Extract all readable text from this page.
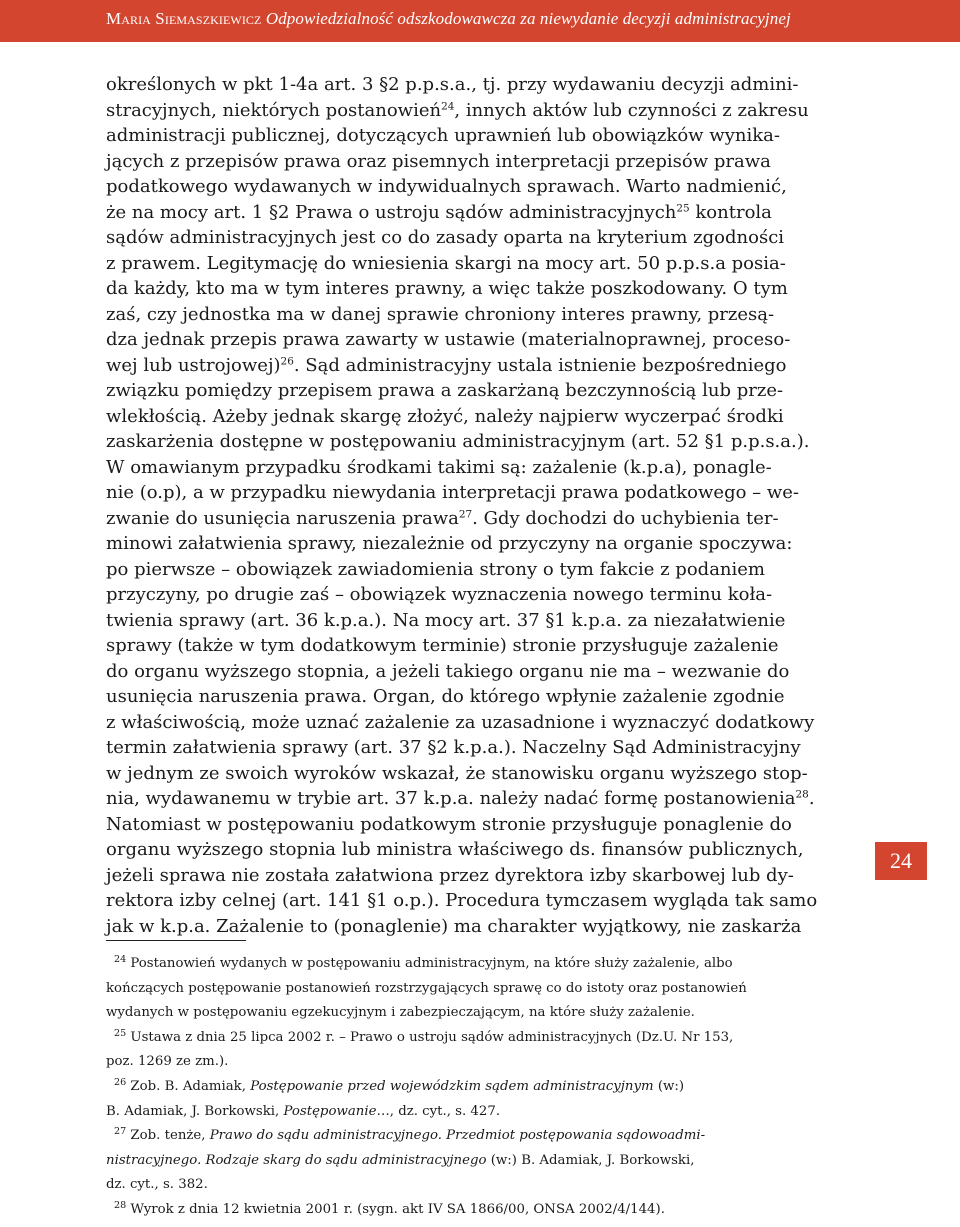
Maria Siemaszkiewicz Odpowiedzialność odszkodowawcza za niewydanie decyzji administracyjnej
określonych w pkt 1-4a art. 3 §2 p.p.s.a., tj. przy wydawaniu decyzji admini-
stracyjnych, niektórych postanowień$^{24}$, innych aktów lub czynności z zakresu
administracji publicznej, dotyczących uprawnień lub obowiązków wynika-
jących z przepisów prawa oraz pisemnych interpretacji przepisów prawa
podatkowego wydawanych w indywidualnych sprawach. Warto nadmienić,
że na mocy art. 1 §2 Prawa o ustroju sądów administracyjnych$^{25}$ kontrola
sądów administracyjnych jest co do zasady oparta na kryterium zgodności
z prawem. Legitymację do wniesienia skargi na mocy art. 50 p.p.s.a posia-
da każdy, kto ma w tym interes prawny, a więc także poszkodowany. O tym
zaś, czy jednostka ma w danej sprawie chroniony interes prawny, przesą-
dza jednak przepis prawa zawarty w ustawie (materialnoprawnej, proceso-
wej lub ustrojowej)$^{26}$. Sąd administracyjny ustala istnienie bezpośredniego
związku pomiędzy przepisem prawa a zaskarżaną bezczynnością lub prze-
wlekłością. Ażeby jednak skargę złożyć, należy najpierw wyczerpać środki
zaskarżenia dostępne w postępowaniu administracyjnym (art. 52 §1 p.p.s.a.).
W omawianym przypadku środkami takimi są: zażalenie (k.p.a), ponagle-
nie (o.p), a w przypadku niewydania interpretacji prawa podatkowego – we-
zwanie do usunięcia naruszenia prawa$^{27}$. Gdy dochodzi do uchybienia ter-
minowi załatwienia sprawy, niezależnie od przyczyny na organie spoczywa:
po pierwsze – obowiązek zawiadomienia strony o tym fakcie z podaniem
przyczyny, po drugie zaś – obowiązek wyznaczenia nowego terminu koła-
twienia sprawy (art. 36 k.p.a.). Na mocy art. 37 §1 k.p.a. za niezałatwienie
sprawy (także w tym dodatkowym terminie) stronie przysługuje zażalenie
do organu wyższego stopnia, a jeżeli takiego organu nie ma – wezwanie do
usunięcia naruszenia prawa. Organ, do którego wpłynie zażalenie zgodnie
z właściwością, może uznać zażalenie za uzasadnione i wyznaczyć dodatkowy
termin załatwienia sprawy (art. 37 §2 k.p.a.). Naczelny Sąd Administracyjny
w jednym ze swoich wyroków wskazał, że stanowisku organu wyższego stop-
nia, wydawanemu w trybie art. 37 k.p.a. należy nadać formę postanowienia$^{28}$.
Natomiast w postępowaniu podatkowym stronie przysługuje ponaglenie do
organu wyższego stopnia lub ministra właściwego ds. finansów publicznych,
jeżeli sprawa nie została załatwiona przez dyrektora izby skarbowej lub dy-
rektora izby celnej (art. 141 §1 o.p.). Procedura tymczasem wygląda tak samo
jak w k.p.a. Zażalenie to (ponaglenie) ma charakter wyjątkowy, nie zaskarża
$^{24}$ Postanowień wydanych w postępowaniu administracyjnym, na które służy zażalenie, albo
kończących postępowanie postanowień rozstrzygających sprawę co do istoty oraz postanowień
wydanych w postępowaniu egzekucyjnym i zabezpieczającym, na które służy zażalenie.
$^{25}$ Ustawa z dnia 25 lipca 2002 r. – Prawo o ustroju sądów administracyjnych (Dz.U. Nr 153,
poz. 1269 ze zm.).
$^{26}$ Zob. B. Adamiak, Postępowanie przed wojewódzkim sądem administracyjnym (w:)
B. Adamiak, J. Borkowski, Postępowanie…, dz. cyt., s. 427.
$^{27}$ Zob. tenże, Prawo do sądu administracyjnego. Przedmiot postępowania sądowoadmi-
nistracyjnego. Rodzaje skarg do sądu administracyjnego (w:) B. Adamiak, J. Borkowski,
dz. cyt., s. 382.
$^{28}$ Wyrok z dnia 12 kwietnia 2001 r. (sygn. akt IV SA 1866/00, ONSA 2002/4/144).
24
